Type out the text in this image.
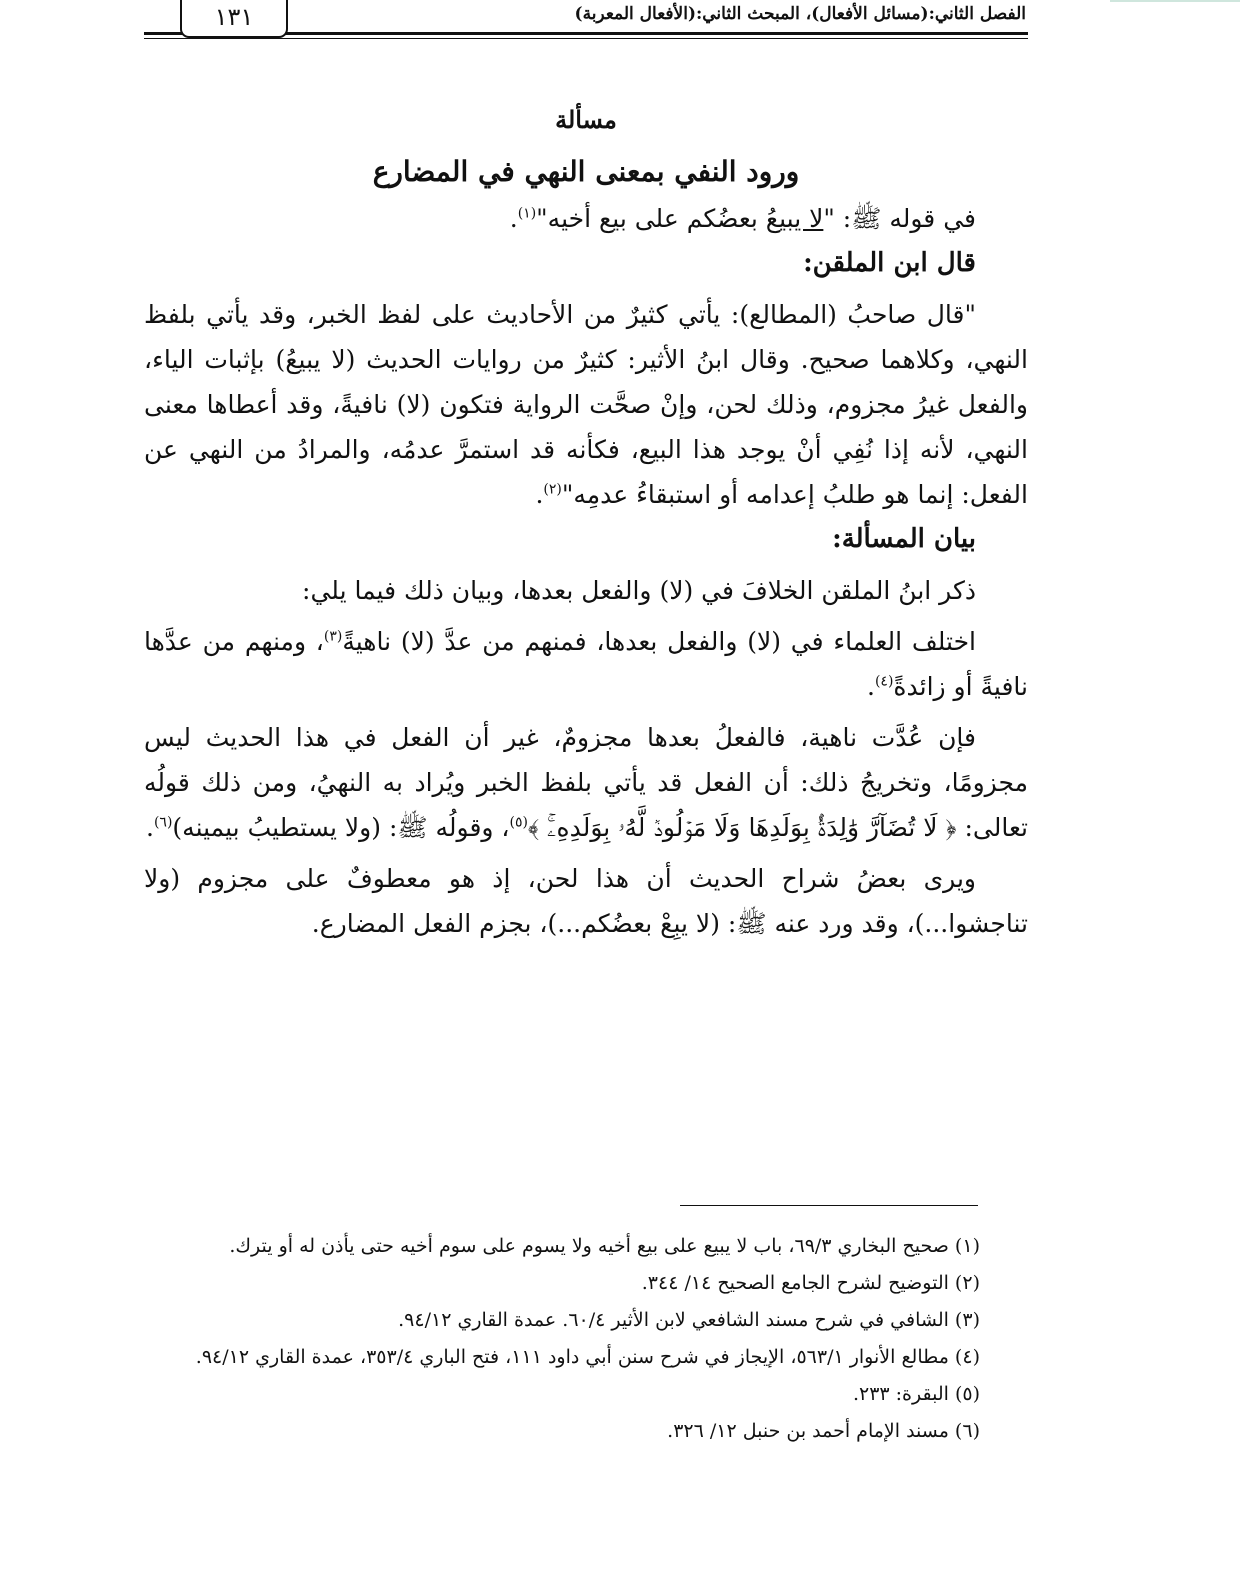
١٣١	الفصل الثاني:(مسائل الأفعال)، المبحث الثاني:(الأفعال المعربة)

مسألة

ورود النفي بمعنى النهي في المضارع

في قوله ﷺ: "لا يبيعُ بعضُكم على بيع أخيه"$^{(١)}$.

قال ابن الملقن:

"قال صاحبُ (المطالع): يأتي كثيرٌ من الأحاديث على لفظ الخبر، وقد يأتي بلفظ النهي، وكلاهما صحيح. وقال ابنُ الأثير: كثيرٌ من روايات الحديث (لا يبيعُ) بإثبات الياء، والفعل غيرُ مجزوم، وذلك لحن، وإنْ صحَّت الرواية فتكون (لا) نافيةً، وقد أعطاها معنى النهي، لأنه إذا نُفِي أنْ يوجد هذا البيع، فكأنه قد استمرَّ عدمُه، والمرادُ من النهي عن الفعل: إنما هو طلبُ إعدامه أو استبقاءُ عدمِه"$^{(٢)}$.

بيان المسألة:

ذكر ابنُ الملقن الخلافَ في (لا) والفعل بعدها، وبيان ذلك فيما يلي:

اختلف العلماء في (لا) والفعل بعدها، فمنهم من عدَّ (لا) ناهيةً$^{(٣)}$، ومنهم من عدَّها نافيةً أو زائدةً$^{(٤)}$.

فإن عُدَّت ناهية، فالفعلُ بعدها مجزومٌ، غير أن الفعل في هذا الحديث ليس مجزومًا، وتخريجُ ذلك: أن الفعل قد يأتي بلفظ الخبر ويُراد به النهيُ، ومن ذلك قولُه تعالى: ﴿ لَا تُضَآرَّ وَٰلِدَةُۢ بِوَلَدِهَا وَلَا مَوۡلُودٞ لَّهُۥ بِوَلَدِهِۦۚ ﴾$^{(٥)}$، وقولُه ﷺ: (ولا يستطيبُ بيمينه)$^{(٦)}$.

ويرى بعضُ شراح الحديث أن هذا لحن، إذ هو معطوفٌ على مجزوم (ولا تناجشوا...)، وقد ورد عنه ﷺ: (لا يبِعْ بعضُكم...)، بجزم الفعل المضارع.

(١) صحيح البخاري ٦٩/٣، باب لا يبيع على بيع أخيه ولا يسوم على سوم أخيه حتى يأذن له أو يترك.
(٢) التوضيح لشرح الجامع الصحيح ١٤/ ٣٤٤.
(٣) الشافي في شرح مسند الشافعي لابن الأثير ٦٠/٤. عمدة القاري ٩٤/١٢.
(٤) مطالع الأنوار ٥٦٣/١، الإيجاز في شرح سنن أبي داود ١١١، فتح الباري ٣٥٣/٤، عمدة القاري ٩٤/١٢.
(٥) البقرة: ٢٣٣.
(٦) مسند الإمام أحمد بن حنبل ١٢/ ٣٢٦.
